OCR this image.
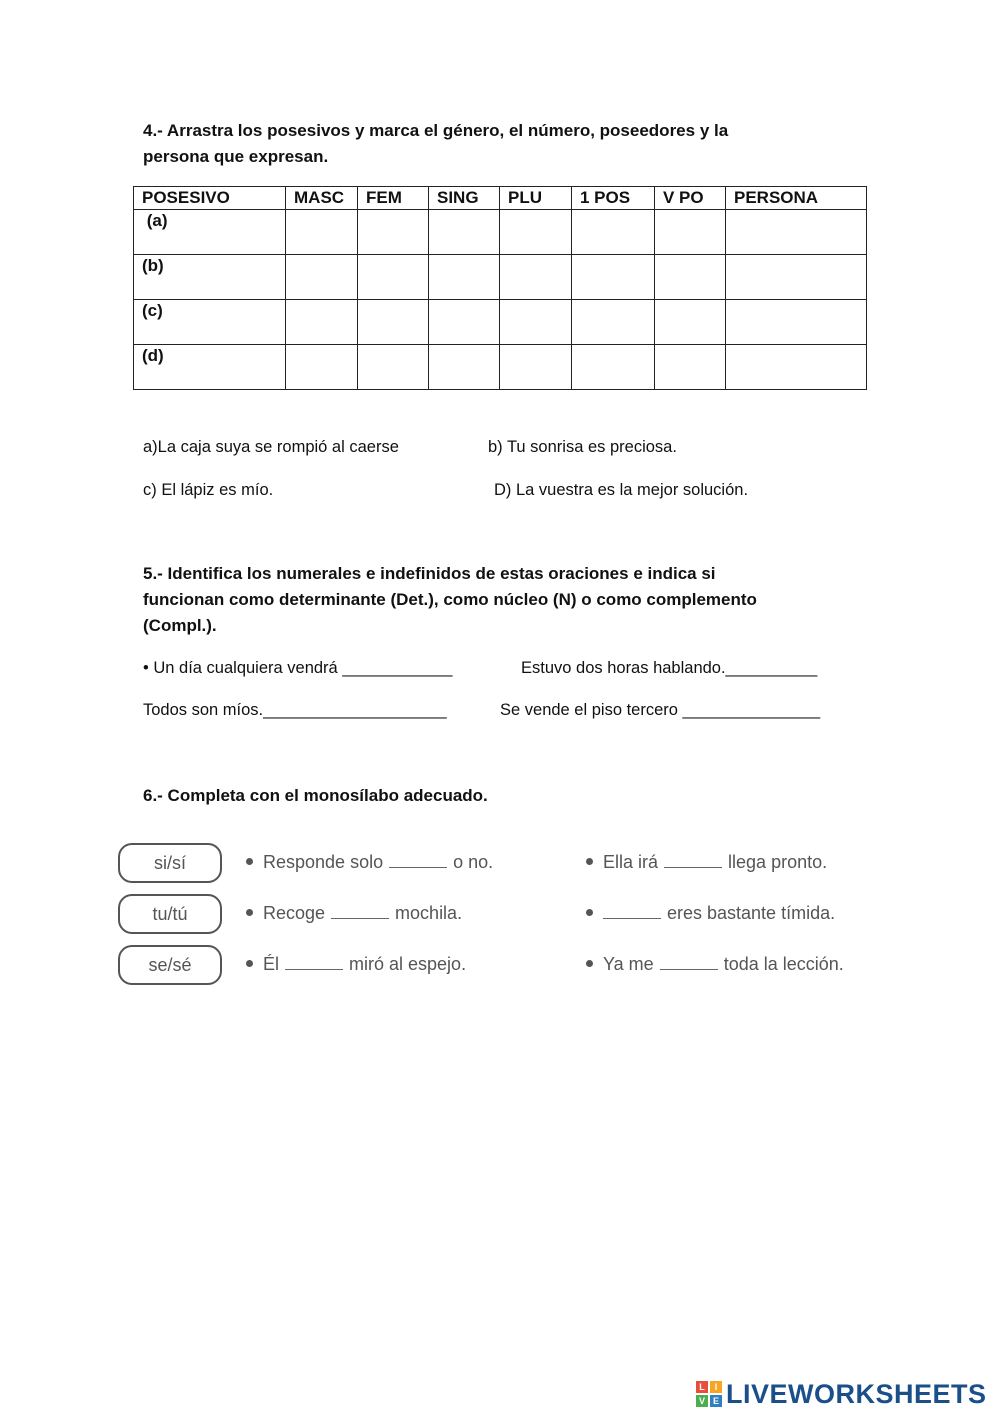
4.- Arrastra los posesivos y marca el género, el número, poseedores y la
persona que expresan.
POSESIVO	MASC	FEM	SING	PLU	1 POS	V PO	PERSONA
(a)							
(b)							
(c)							
(d)							
a)La caja suya se rompió al caerse	b) Tu sonrisa es preciosa.
c) El lápiz es mío.	D) La vuestra es la mejor solución.
5.- Identifica los numerales e indefinidos de estas oraciones e indica si
funcionan como determinante (Det.), como núcleo (N) o como complemento
(Compl.).
• Un día cualquiera vendrá ____________	Estuvo dos horas hablando.__________
Todos son míos.____________________	Se vende el piso tercero _______________
6.- Completa con el monosílabo adecuado.
si/sí
tu/tú
se/sé
Responde solo	o no.	Ella irá	llega pronto.
Recoge	mochila.	eres bastante tímida.
Él	miró al espejo.	Ya me	toda la lección.
L	I
V E LIVEWORKSHEETS
